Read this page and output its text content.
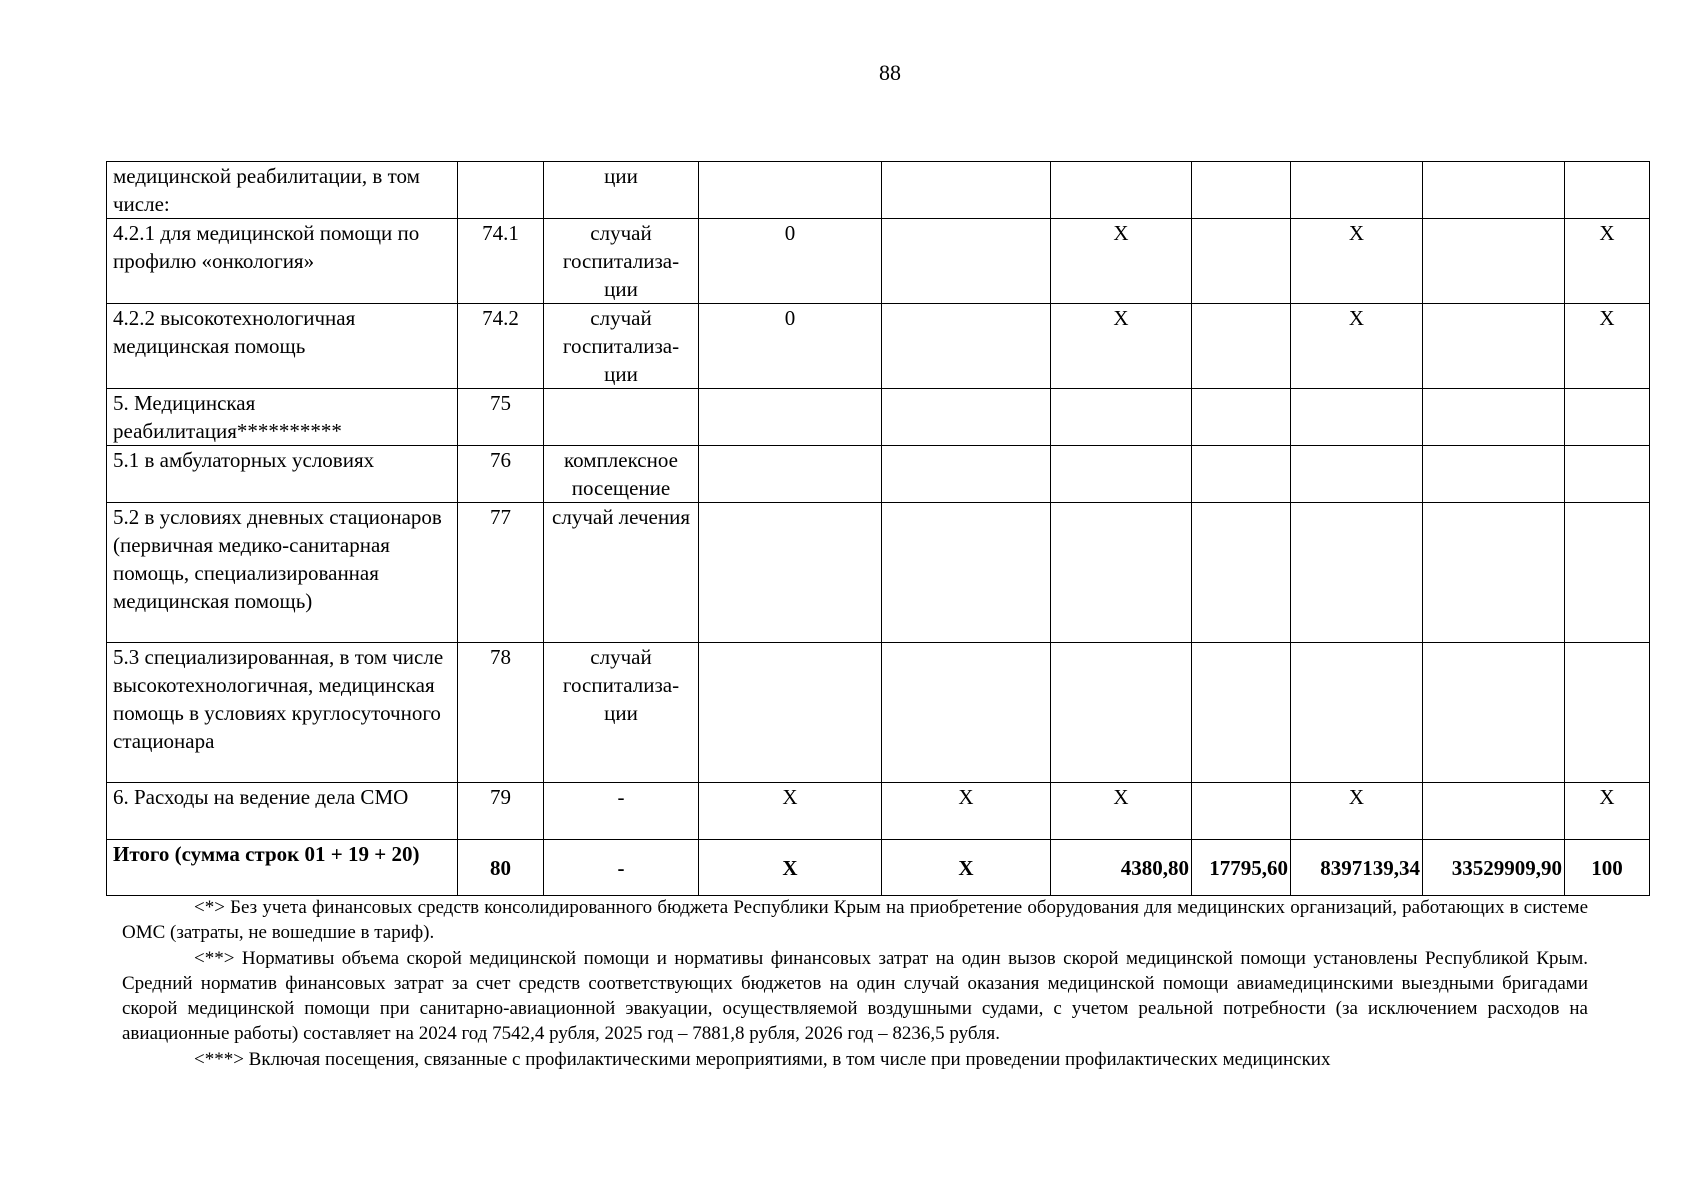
88
медицинской реабилитации, в том числе:		ции							
4.2.1 для медицинской помощи по профилю «онкология»	74.1	случай госпитализа-ции	0		X		X		X
4.2.2 высокотехнологичная медицинская помощь	74.2	случай госпитализа-ции	0		X		X		X
5. Медицинская реабилитация**********	75								
5.1 в амбулаторных условиях	76	комплексное посещение							
5.2 в условиях дневных стационаров (первичная медико-санитарная помощь, специализированная медицинская помощь)	77	случай лечения							
5.3 специализированная, в том числе высокотехнологичная, медицинская помощь в условиях круглосуточного стационара	78	случай госпитализа-ции							
6. Расходы на ведение дела СМО	79	-	X	X	X		X		X
Итого (сумма строк 01 + 19 + 20)	80	-	X	X	4380,80	17795,60	8397139,34	33529909,90	100

<*> Без учета финансовых средств консолидированного бюджета Республики Крым на приобретение оборудования для медицинских организаций, работающих в системе ОМС (затраты, не вошедшие в тариф).

<**> Нормативы объема скорой медицинской помощи и нормативы финансовых затрат на один вызов скорой медицинской помощи установлены Республикой Крым. Средний норматив финансовых затрат за счет средств соответствующих бюджетов на один случай оказания медицинской помощи авиамедицинскими выездными бригадами скорой медицинской помощи при санитарно-авиационной эвакуации, осуществляемой воздушными судами, с учетом реальной потребности (за исключением расходов на авиационные работы) составляет на 2024 год 7542,4 рубля, 2025 год – 7881,8 рубля, 2026 год – 8236,5 рубля.

<***> Включая посещения, связанные с профилактическими мероприятиями, в том числе при проведении профилактических медицинских
